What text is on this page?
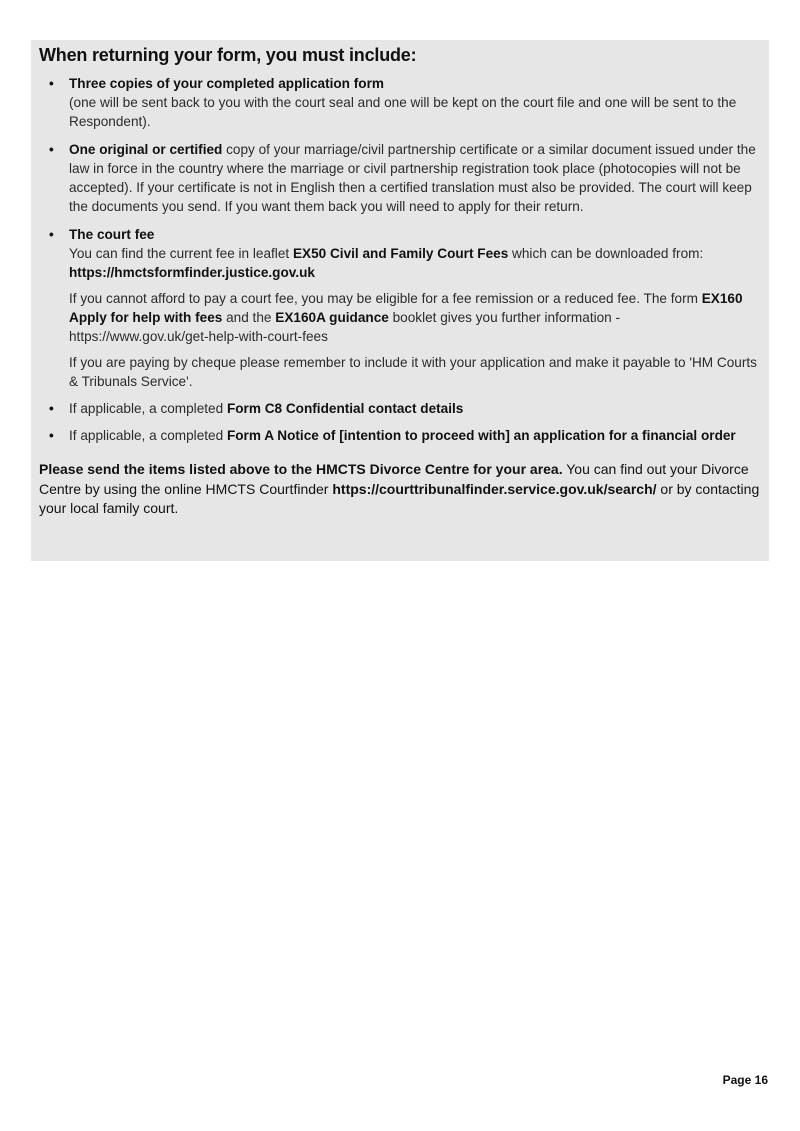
When returning your form, you must include:
• Three copies of your completed application form
(one will be sent back to you with the court seal and one will be kept on the court file and one will be sent to the Respondent).
• One original or certified copy of your marriage/civil partnership certificate or a similar document issued under the law in force in the country where the marriage or civil partnership registration took place (photocopies will not be accepted). If your certificate is not in English then a certified translation must also be provided. The court will keep the documents you send. If you want them back you will need to apply for their return.
• The court fee
You can find the current fee in leaflet EX50 Civil and Family Court Fees which can be downloaded from:
https://hmctsformfinder.justice.gov.uk
If you cannot afford to pay a court fee, you may be eligible for a fee remission or a reduced fee. The form EX160 Apply for help with fees and the EX160A guidance booklet gives you further information - https://www.gov.uk/get-help-with-court-fees
If you are paying by cheque please remember to include it with your application and make it payable to 'HM Courts & Tribunals Service'.
• If applicable, a completed Form C8 Confidential contact details
• If applicable, a completed Form A Notice of [intention to proceed with] an application for a financial order

Please send the items listed above to the HMCTS Divorce Centre for your area. You can find out your Divorce Centre by using the online HMCTS Courtfinder https://courttribunalfinder.service.gov.uk/search/ or by contacting your local family court.

Page 16
